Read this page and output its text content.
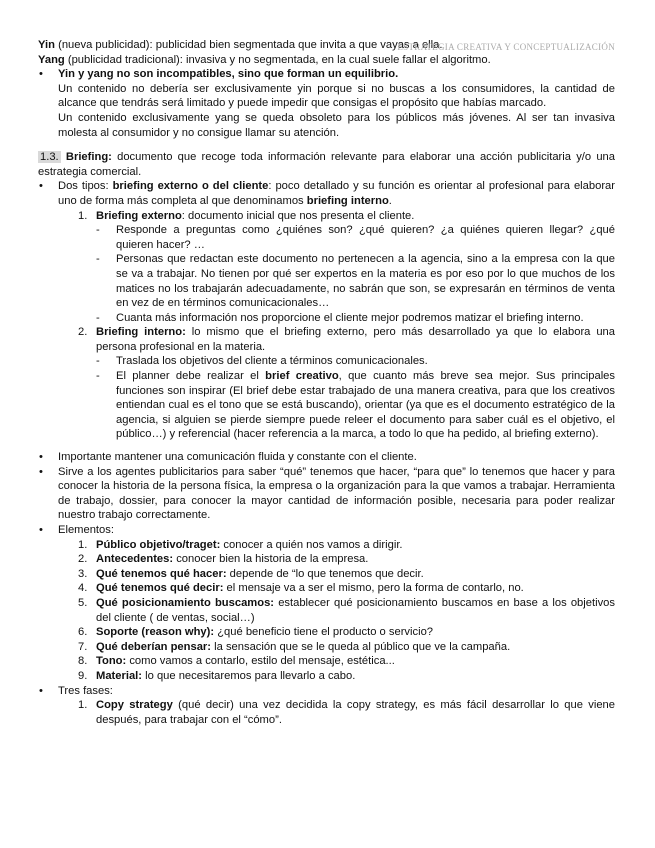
ESTRATEGIA CREATIVA Y CONCEPTUALIZACIÓN

Yin (nueva publicidad): publicidad bien segmentada que invita a que vayas a ella.

Yang (publicidad tradicional): invasiva y no segmentada, en la cual suele fallar el algoritmo.

• Yin y yang no son incompatibles, sino que forman un equilibrio.

Un contenido no debería ser exclusivamente yin porque si no buscas a los consumidores, la cantidad de alcance que tendrás será limitado y puede impedir que consigas el propósito que habías marcado.

Un contenido exclusivamente yang se queda obsoleto para los públicos más jóvenes. Al ser tan invasiva molesta al consumidor y no consigue llamar su atención.

1.3. Briefing: documento que recoge toda información relevante para elaborar una acción publicitaria y/o una estrategia comercial.

• Dos tipos: briefing externo o del cliente: poco detallado y su función es orientar al profesional para elaborar uno de forma más completa al que denominamos briefing interno.
1. Briefing externo: documento inicial que nos presenta el cliente.
- Responde a preguntas como ¿quiénes son? ¿qué quieren? ¿a quiénes quieren llegar? ¿qué quieren hacer? …
- Personas que redactan este documento no pertenecen a la agencia, sino a la empresa con la que se va a trabajar. No tienen por qué ser expertos en la materia es por eso por lo que muchos de los matices no los trabajarán adecuadamente, no sabrán que son, se expresarán en términos de venta en vez de en términos comunicacionales…
- Cuanta más información nos proporcione el cliente mejor podremos matizar el briefing interno.
2. Briefing interno: lo mismo que el briefing externo, pero más desarrollado ya que lo elabora una persona profesional en la materia.
- Traslada los objetivos del cliente a términos comunicacionales.
- El planner debe realizar el brief creativo, que cuanto más breve sea mejor. Sus principales funciones son inspirar (El brief debe estar trabajado de una manera creativa, para que los creativos entiendan cual es el tono que se está buscando), orientar (ya que es el documento estratégico de la agencia, si alguien se pierde siempre puede releer el documento para saber cuál es el objetivo, el público…) y referencial (hacer referencia a la marca, a todo lo que ha pedido, al briefing externo).
• Importante mantener una comunicación fluida y constante con el cliente.
• Sirve a los agentes publicitarios para saber “qué” tenemos que hacer, “para que” lo tenemos que hacer y para conocer la historia de la persona física, la empresa o la organización para la que vamos a trabajar. Herramienta de trabajo, dossier, para conocer la mayor cantidad de información posible, necesaria para poder realizar nuestro trabajo correctamente.
• Elementos:
1. Público objetivo/traget: conocer a quién nos vamos a dirigir.
2. Antecedentes: conocer bien la historia de la empresa.
3. Qué tenemos qué hacer: depende de “lo que tenemos que decir.
4. Qué tenemos qué decir: el mensaje va a ser el mismo, pero la forma de contarlo, no.
5. Qué posicionamiento buscamos: establecer qué posicionamiento buscamos en base a los objetivos del cliente ( de ventas, social…)
6. Soporte (reason why): ¿qué beneficio tiene el producto o servicio?
7. Qué deberían pensar: la sensación que se le queda al público que ve la campaña.
8. Tono: como vamos a contarlo, estilo del mensaje, estética...
9. Material: lo que necesitaremos para llevarlo a cabo.
• Tres fases:
1. Copy strategy (qué decir) una vez decidida la copy strategy, es más fácil desarrollar lo que viene después, para trabajar con el “cómo”.
